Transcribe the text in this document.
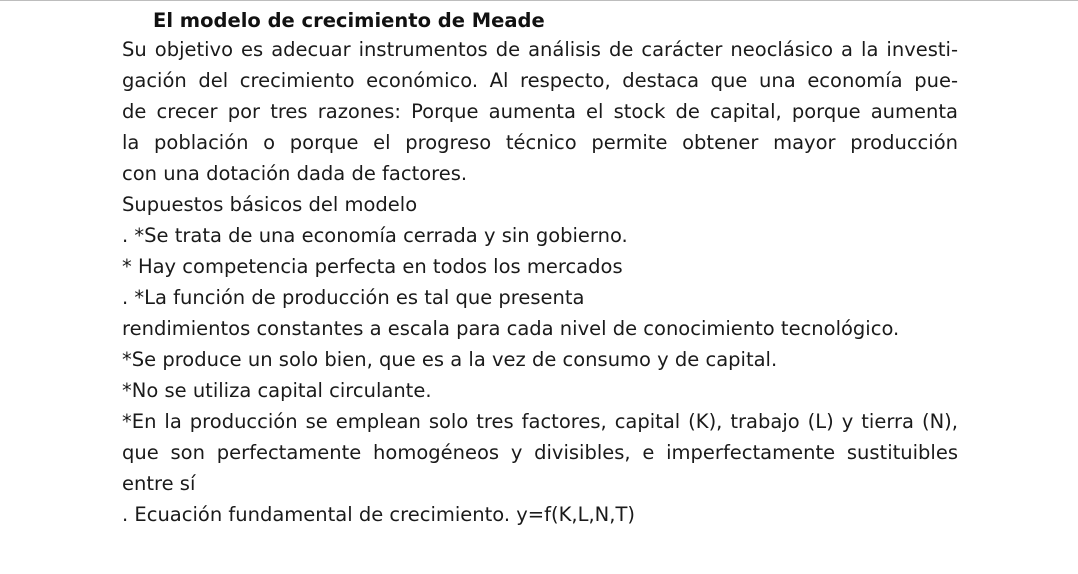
El modelo de crecimiento de Meade
Su objetivo es adecuar instrumentos de análisis de carácter neoclásico a la investi-
gación del crecimiento económico. Al respecto, destaca que una economía pue-
de crecer por tres razones: Porque aumenta el stock de capital, porque aumenta
la población o porque el progreso técnico permite obtener mayor producción
con una dotación dada de factores.
Supuestos básicos del modelo
. *Se trata de una economía cerrada y sin gobierno.
* Hay competencia perfecta en todos los mercados
. *La función de producción es tal que presenta
rendimientos constantes a escala para cada nivel de conocimiento tecnológico.
*Se produce un solo bien, que es a la vez de consumo y de capital.
*No se utiliza capital circulante.
*En la producción se emplean solo tres factores, capital (K), trabajo (L) y tierra (N),
que son perfectamente homogéneos y divisibles, e imperfectamente sustituibles
entre sí
. Ecuación fundamental de crecimiento. y=f(K,L,N,T)
